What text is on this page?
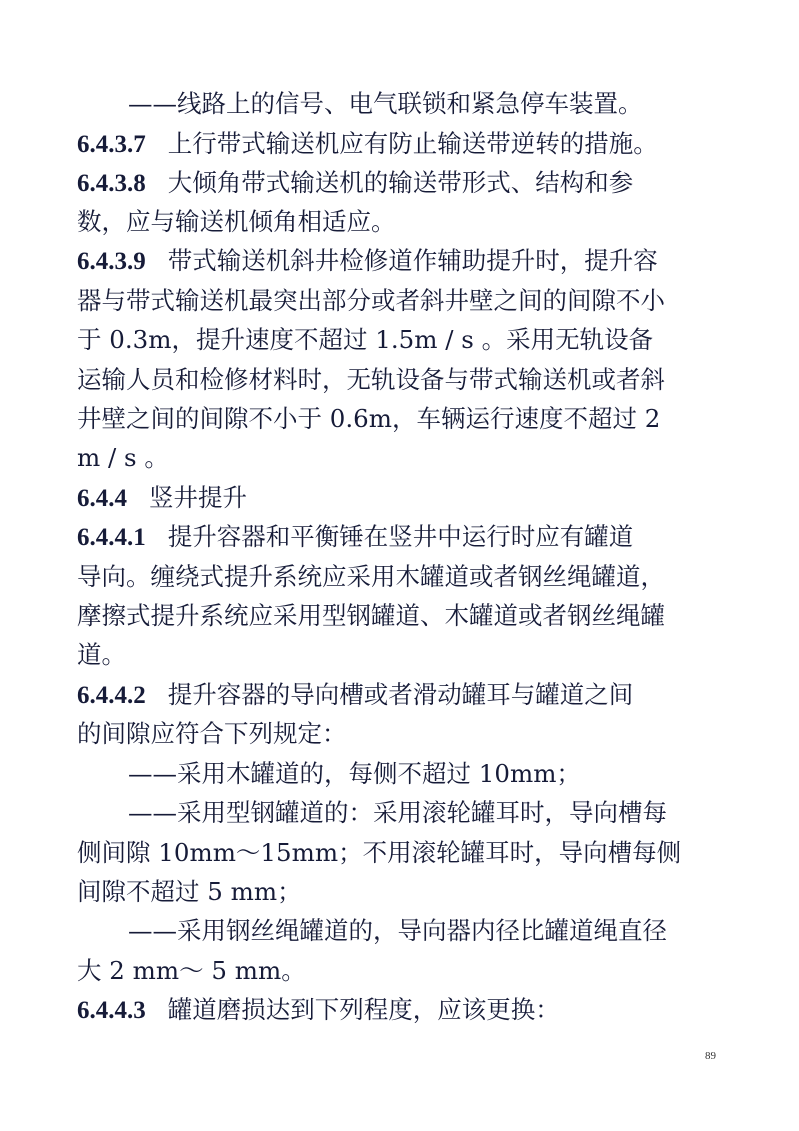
——线路上的信号、电气联锁和紧急停车装置。
6.4.3.7 上行带式输送机应有防止输送带逆转的措施。
6.4.3.8 大倾角带式输送机的输送带形式、结构和参
数，应与输送机倾角相适应。
6.4.3.9 带式输送机斜井检修道作辅助提升时，提升容
器与带式输送机最突出部分或者斜井壁之间的间隙不小
于 0.3m，提升速度不超过 1.5m / s 。采用无轨设备
运输人员和检修材料时，无轨设备与带式输送机或者斜
井壁之间的间隙不小于 0.6m，车辆运行速度不超过 2
m / s 。
6.4.4 竖井提升
6.4.4.1 提升容器和平衡锤在竖井中运行时应有罐道
导向。缠绕式提升系统应采用木罐道或者钢丝绳罐道，
摩擦式提升系统应采用型钢罐道、木罐道或者钢丝绳罐
道。
6.4.4.2 提升容器的导向槽或者滑动罐耳与罐道之间
的间隙应符合下列规定：
——采用木罐道的，每侧不超过 10mm；
——采用型钢罐道的：采用滚轮罐耳时，导向槽每
侧间隙 10mm～15mm；不用滚轮罐耳时，导向槽每侧
间隙不超过 5 mm；
——采用钢丝绳罐道的，导向器内径比罐道绳直径
大 2 mm～ 5 mm。
6.4.4.3 罐道磨损达到下列程度，应该更换：
89
